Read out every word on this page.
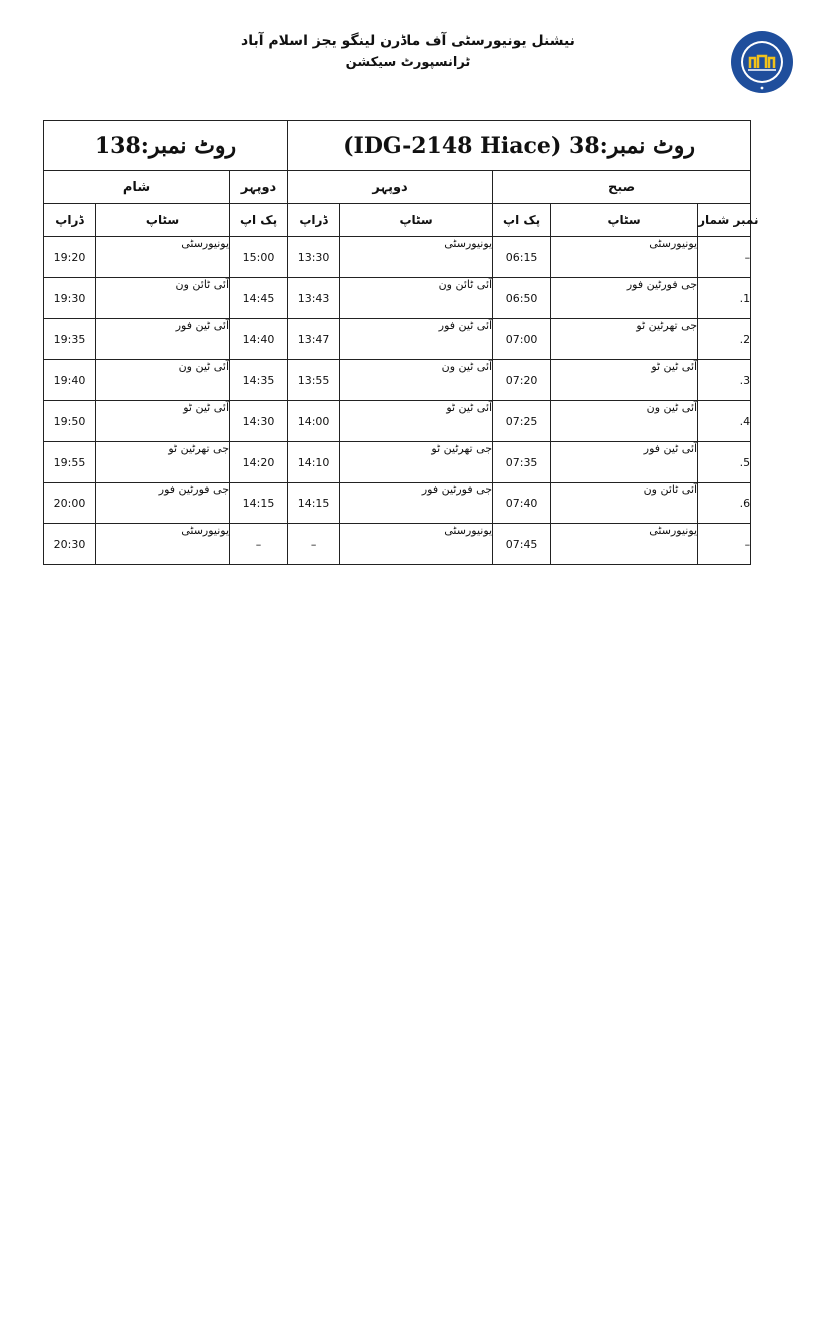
نیشنل یونیورسٹی آف ماڈرن لینگو یجز اسلام آباد
ٹرانسپورٹ سیکشن
روٹ نمبر:38 (IDG-2148 Hiace)					روٹ نمبر:138		
صبح			دوپہر		دوپہر	شام	
نمبر شمار	سٹاپ	پک اپ	سٹاپ	ڈراپ	پک اپ	سٹاپ	ڈراپ
–	یونیورسٹی	06:15	یونیورسٹی	13:30	15:00	یونیورسٹی	19:20
.1	جی فورٹین فور	06:50	آئی ٹائن ون	13:43	14:45	آئی ٹائن ون	19:30
.2	جی تھرٹین ٹو	07:00	آئی ٹین فور	13:47	14:40	آئی ٹین فور	19:35
.3	آئی ٹین ٹو	07:20	آئی ٹین ون	13:55	14:35	آئی ٹین ون	19:40
.4	آئی ٹین ون	07:25	آئی ٹین ٹو	14:00	14:30	آئی ٹین ٹو	19:50
.5	آئی ٹین فور	07:35	جی تھرٹین ٹو	14:10	14:20	جی تھرٹین ٹو	19:55
.6	آئی ٹائن ون	07:40	جی فورٹین فور	14:15	14:15	جی فورٹین فور	20:00
–	یونیورسٹی	07:45	یونیورسٹی	–	–	یونیورسٹی	20:30
